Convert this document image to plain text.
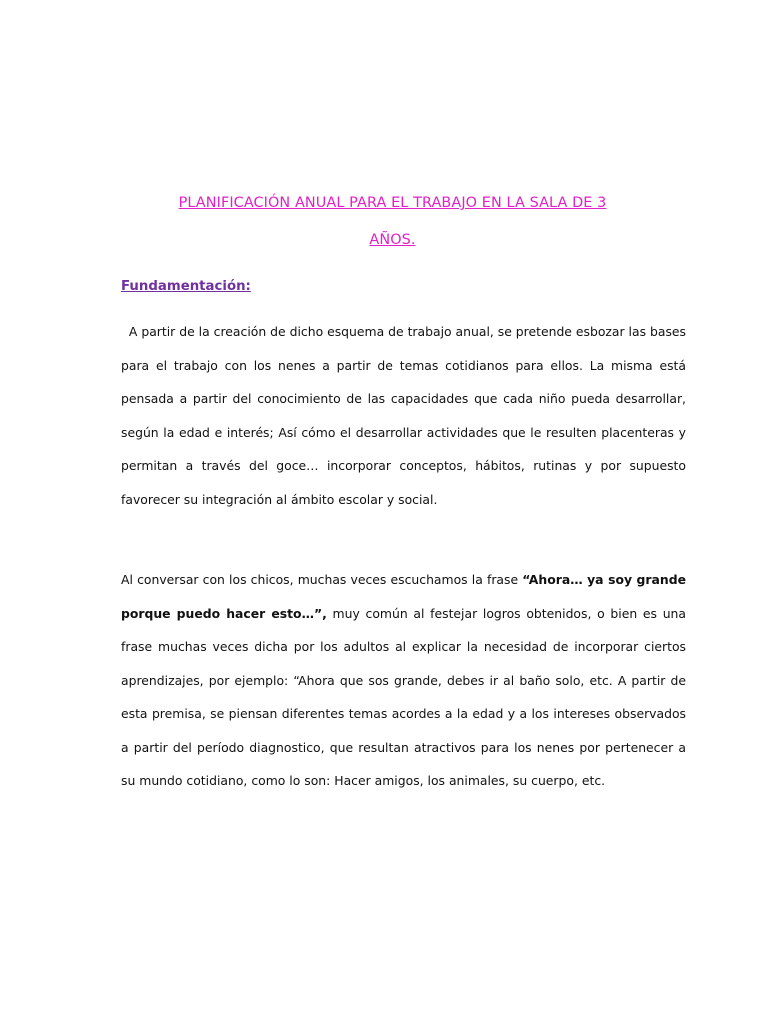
PLANIFICACIÓN ANUAL PARA EL TRABAJO EN LA SALA DE 3
AÑOS.
Fundamentación:

A partir de la creación de dicho esquema de trabajo anual, se pretende esbozar las bases para el trabajo con los nenes a partir de temas cotidianos para ellos. La misma está pensada a partir del conocimiento de las capacidades que cada niño pueda desarrollar, según la edad e interés; Así cómo el desarrollar actividades que le resulten placenteras y permitan a través del goce… incorporar conceptos, hábitos, rutinas y por supuesto favorecer su integración al ámbito escolar y social.

Al conversar con los chicos, muchas veces escuchamos la frase “Ahora… ya soy grande porque puedo hacer esto…”, muy común al festejar logros obtenidos, o bien es una frase muchas veces dicha por los adultos al explicar la necesidad de incorporar ciertos aprendizajes, por ejemplo: “Ahora que sos grande, debes ir al baño solo, etc. A partir de esta premisa, se piensan diferentes temas acordes a la edad y a los intereses observados a partir del período diagnostico, que resultan atractivos para los nenes por pertenecer a su mundo cotidiano, como lo son: Hacer amigos, los animales, su cuerpo, etc.
